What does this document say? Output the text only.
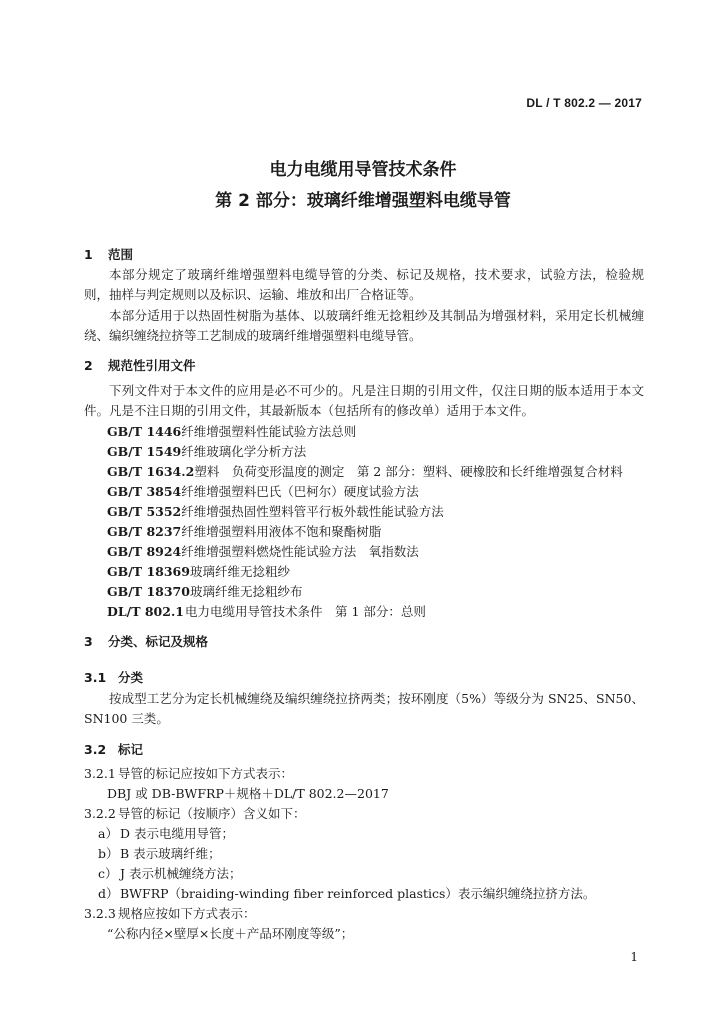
DL / T 802.2 — 2017
电力电缆用导管技术条件
第 2 部分：玻璃纤维增强塑料电缆导管
1 范围
本部分规定了玻璃纤维增强塑料电缆导管的分类、标记及规格，技术要求，试验方法，检验规则，抽样与判定规则以及标识、运输、堆放和出厂合格证等。
本部分适用于以热固性树脂为基体、以玻璃纤维无捻粗纱及其制品为增强材料，采用定长机械缠绕、编织缠绕拉挤等工艺制成的玻璃纤维增强塑料电缆导管。
2 规范性引用文件
下列文件对于本文件的应用是必不可少的。凡是注日期的引用文件，仅注日期的版本适用于本文件。凡是不注日期的引用文件，其最新版本（包括所有的修改单）适用于本文件。
GB/T 1446纤维增强塑料性能试验方法总则
GB/T 1549纤维玻璃化学分析方法
GB/T 1634.2塑料　负荷变形温度的测定　第 2 部分：塑料、硬橡胶和长纤维增强复合材料
GB/T 3854纤维增强塑料巴氏（巴柯尔）硬度试验方法
GB/T 5352纤维增强热固性塑料管平行板外载性能试验方法
GB/T 8237纤维增强塑料用液体不饱和聚酯树脂
GB/T 8924纤维增强塑料燃烧性能试验方法　氧指数法
GB/T 18369玻璃纤维无捻粗纱
GB/T 18370玻璃纤维无捻粗纱布
DL/T 802.1电力电缆用导管技术条件　第 1 部分：总则
3 分类、标记及规格
3.1 分类
按成型工艺分为定长机械缠绕及编织缠绕拉挤两类；按环刚度（5%）等级分为 SN25、SN50、SN100 三类。
3.2 标记
3.2.1 导管的标记应按如下方式表示：
DBJ 或 DB-BWFRP＋规格＋DL/T 802.2—2017
3.2.2 导管的标记（按顺序）含义如下：
a） D 表示电缆用导管；
b）B 表示玻璃纤维；
c） J 表示机械缠绕方法；
d）BWFRP（braiding-winding fiber reinforced plastics）表示编织缠绕拉挤方法。
3.2.3 规格应按如下方式表示：
“公称内径×壁厚×长度＋产品环刚度等级”；
1
